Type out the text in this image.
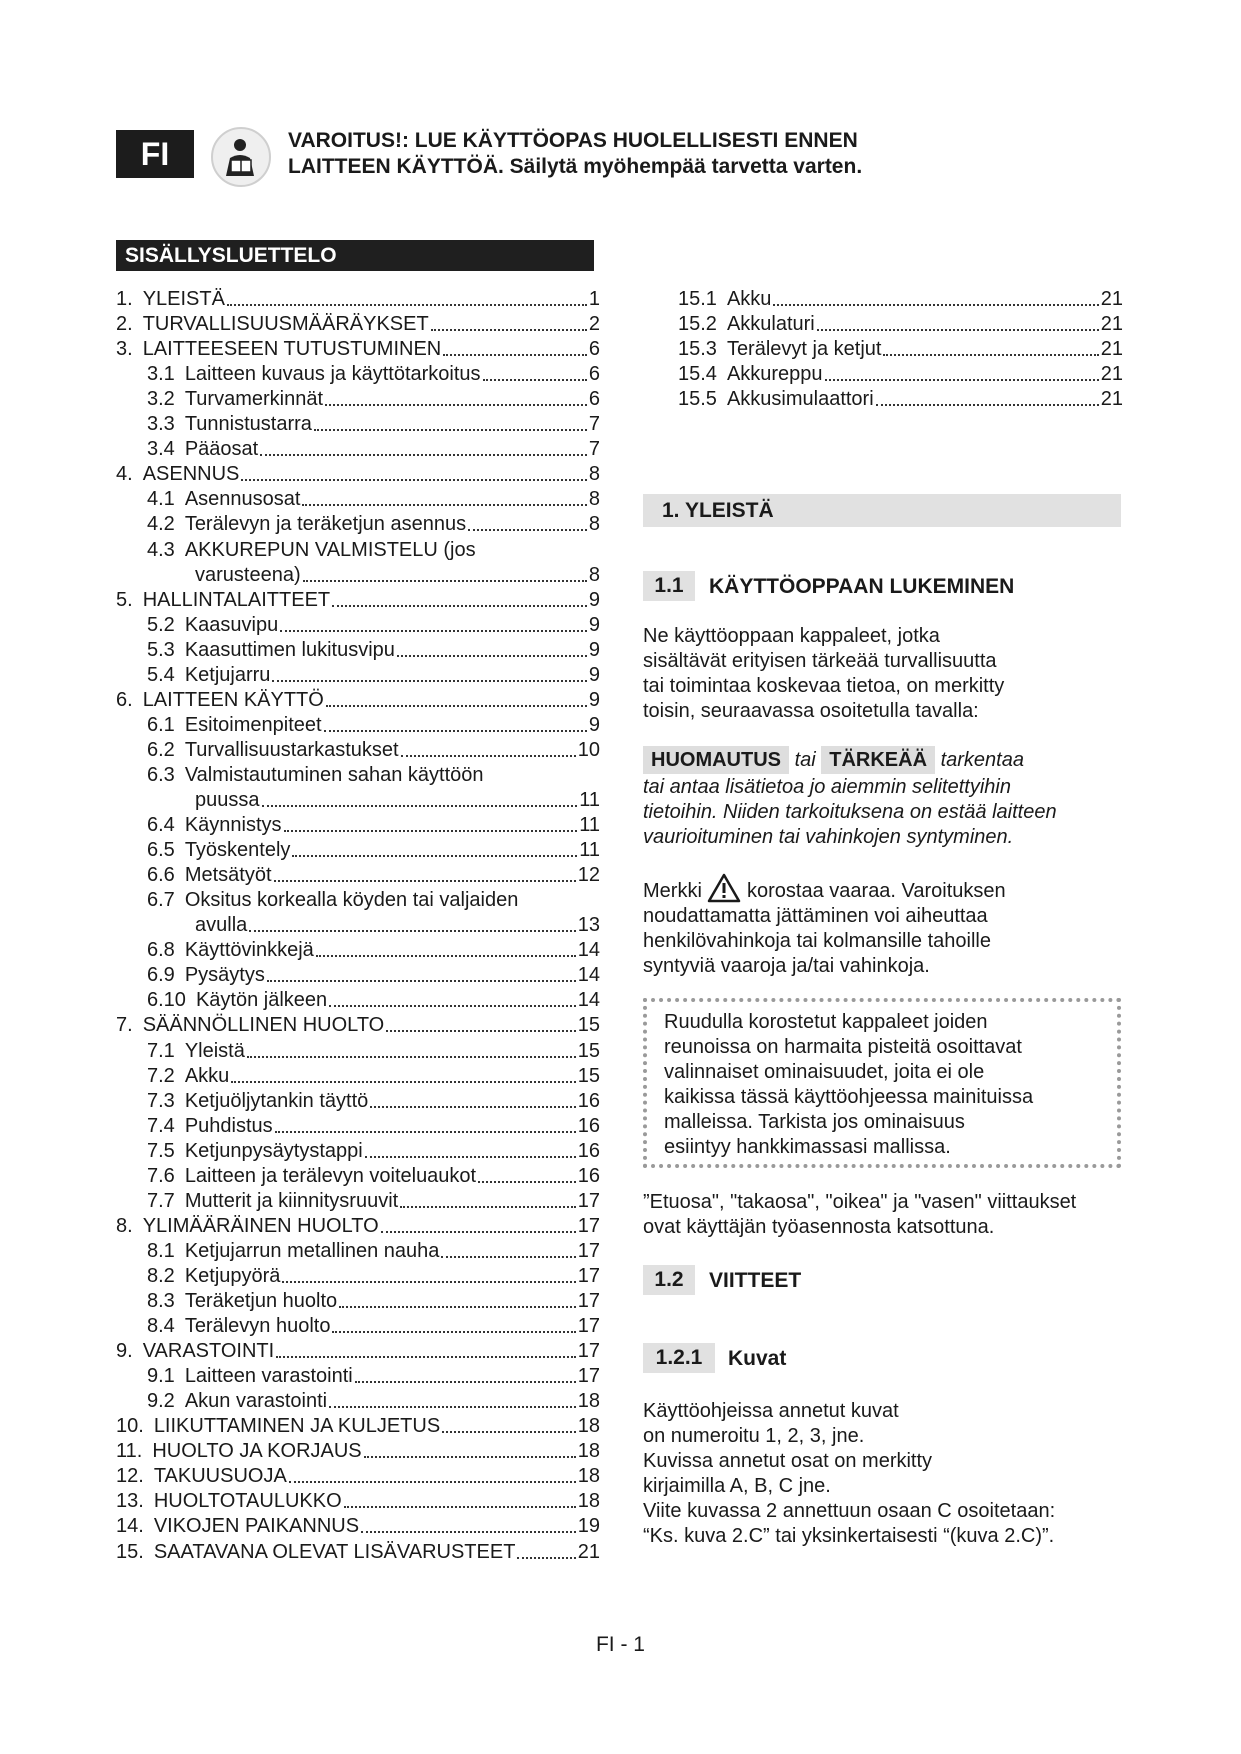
FI	VAROITUS!: LUE KÄYTTÖOPAS HUOLELLISESTI ENNEN
LAITTEEN KÄYTTÖÄ. Säilytä myöhempää tarvetta varten.
SISÄLLYSLUETTELO
1. YLEISTÄ	1
2. TURVALLISUUSMÄÄRÄYKSET	2
3. LAITTEESEEN TUTUSTUMINEN	6
3.1 Laitteen kuvaus ja käyttötarkoitus	6
3.2 Turvamerkinnät	6
3.3 Tunnistustarra	7
3.4 Pääosat	7
4. ASENNUS	8
4.1 Asennusosat	8
4.2 Terälevyn ja teräketjun asennus	8
4.3 AKKUREPUN VALMISTELU (jos
varusteena)	8
5. HALLINTALAITTEET	9
5.2 Kaasuvipu	9
5.3 Kaasuttimen lukitusvipu	9
5.4 Ketjujarru	9
6. LAITTEEN KÄYTTÖ	9
6.1 Esitoimenpiteet	9
6.2 Turvallisuustarkastukset	10
6.3 Valmistautuminen sahan käyttöön
puussa	11
6.4 Käynnistys	11
6.5 Työskentely	11
6.6 Metsätyöt	12
6.7 Oksitus korkealla köyden tai valjaiden
avulla	13
6.8 Käyttövinkkejä	14
6.9 Pysäytys	14
6.10 Käytön jälkeen	14
7. SÄÄNNÖLLINEN HUOLTO	15
7.1 Yleistä	15
7.2 Akku	15
7.3 Ketjuöljytankin täyttö	16
7.4 Puhdistus	16
7.5 Ketjunpysäytystappi	16
7.6 Laitteen ja terälevyn voiteluaukot	16
7.7 Mutterit ja kiinnitysruuvit	17
8. YLIMÄÄRÄINEN HUOLTO	17
8.1 Ketjujarrun metallinen nauha	17
8.2 Ketjupyörä	17
8.3 Teräketjun huolto	17
8.4 Terälevyn huolto	17
9. VARASTOINTI	17
9.1 Laitteen varastointi	17
9.2 Akun varastointi	18
10. LIIKUTTAMINEN JA KULJETUS	18
11. HUOLTO JA KORJAUS	18
12. TAKUUSUOJA	18
13. HUOLTOTAULUKKO	18
14. VIKOJEN PAIKANNUS	19
15. SAATAVANA OLEVAT LISÄVARUSTEET	21
15.1 Akku	21
15.2 Akkulaturi	21
15.3 Terälevyt ja ketjut	21
15.4 Akkureppu	21
15.5 Akkusimulaattori	21
1. YLEISTÄ
1.1	KÄYTTÖOPPAAN LUKEMINEN
Ne käyttöoppaan kappaleet, jotka
sisältävät erityisen tärkeää turvallisuutta
tai toimintaa koskevaa tietoa, on merkitty
toisin, seuraavassa osoitetulla tavalla:
HUOMAUTUS tai TÄRKEÄÄ tarkentaa
tai antaa lisätietoa jo aiemmin selitettyihin
tietoihin. Niiden tarkoituksena on estää laitteen
vaurioituminen tai vahinkojen syntyminen.
Merkki korostaa vaaraa. Varoituksen
noudattamatta jättäminen voi aiheuttaa
henkilövahinkoja tai kolmansille tahoille
syntyviä vaaroja ja/tai vahinkoja.
Ruudulla korostetut kappaleet joiden
reunoissa on harmaita pisteitä osoittavat
valinnaiset ominaisuudet, joita ei ole
kaikissa tässä käyttöohjeessa mainituissa
malleissa. Tarkista jos ominaisuus
esiintyy hankkimassasi mallissa.
”Etuosa", "takaosa", "oikea" ja "vasen" viittaukset
ovat käyttäjän työasennosta katsottuna.
1.2	VIITTEET
1.2.1	Kuvat
Käyttöohjeissa annetut kuvat
on numeroitu 1, 2, 3, jne.
Kuvissa annetut osat on merkitty
kirjaimilla A, B, C jne.
Viite kuvassa 2 annettuun osaan C osoitetaan:
“Ks. kuva 2.C” tai yksinkertaisesti “(kuva 2.C)”.
FI - 1
